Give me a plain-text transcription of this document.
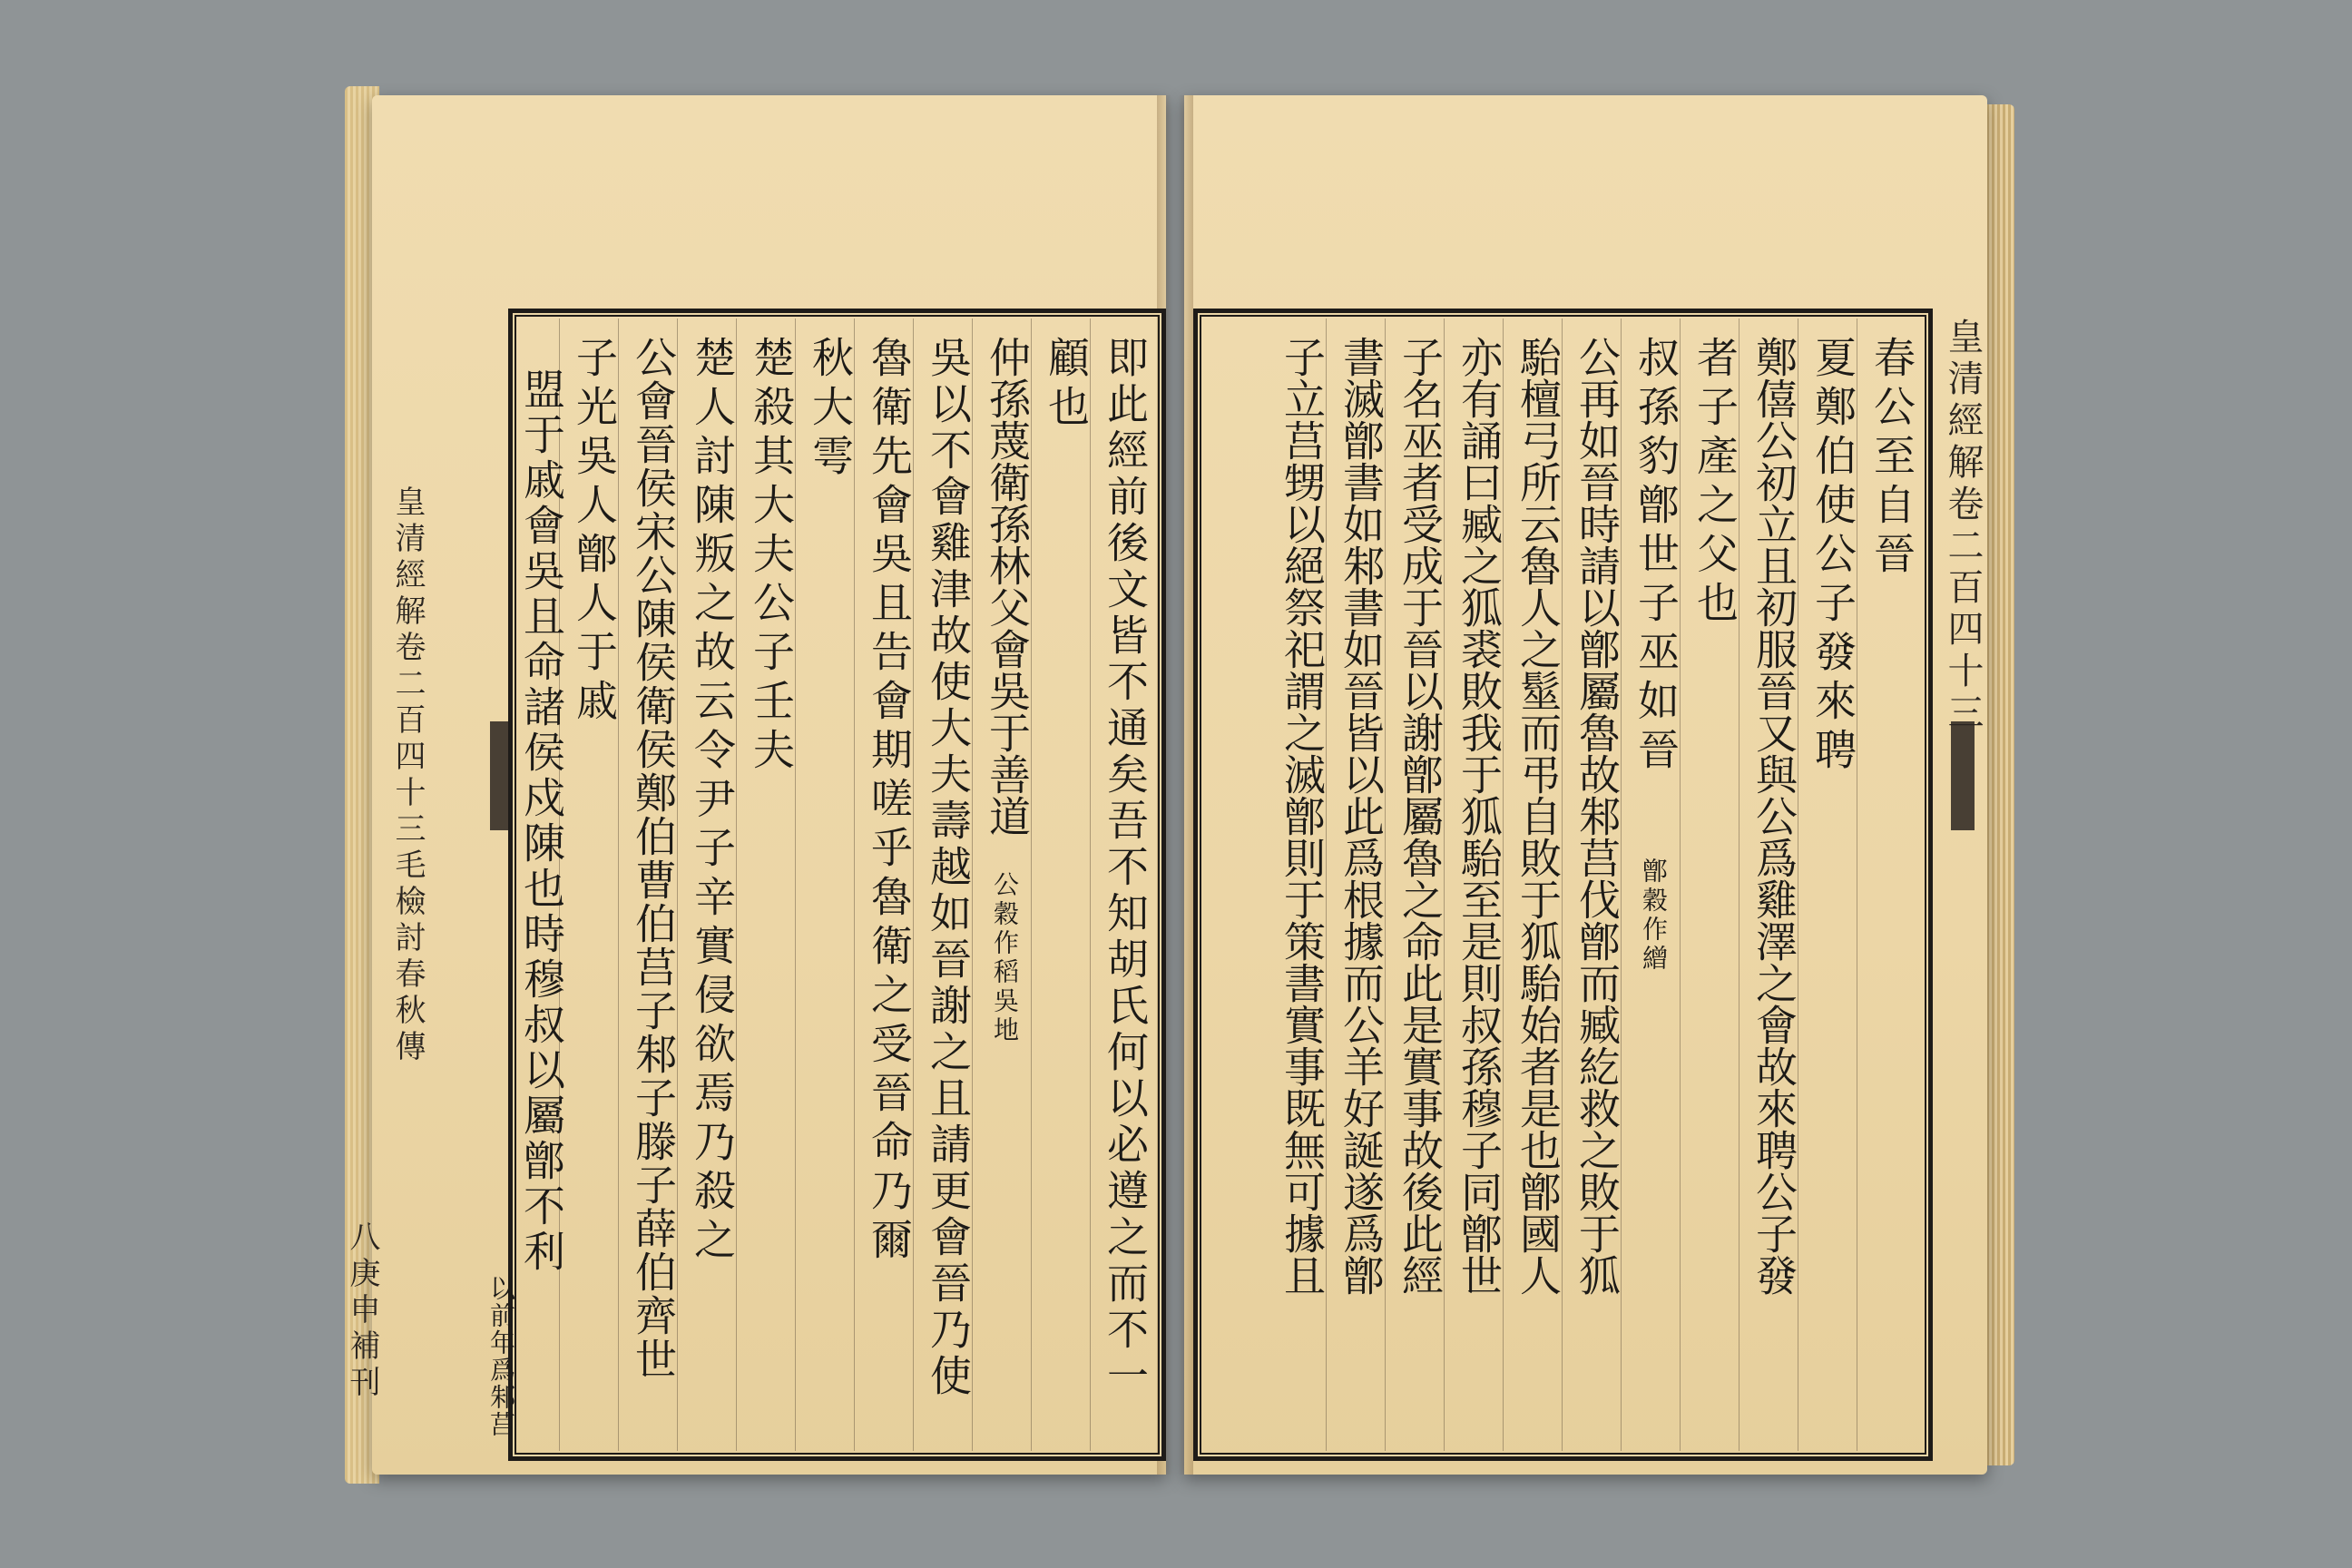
皇清經解卷二百四十三毛檢討春秋傳
八庚申補刊
皇清經解卷二百四十三
即此經前後文皆不通矣吾不知胡氏何以必遵之而不一
顧也
仲孫蔑衛孫林父會吳于善道
公穀作稻吳地
吳以不會雞津故使大夫壽越如晉謝之且請更會晉乃使
魯衛先會吳且告會期嗟乎魯衛之受晉命乃爾
秋大雩
楚殺其大夫公子壬夫
楚人討陳叛之故云令尹子辛實侵欲焉乃殺之
公會晉侯宋公陳侯衛侯鄭伯曹伯莒子邾子滕子薛伯齊世
子光吳人鄫人于戚
盟于戚會吳且命諸侯戍陳也時穆叔以屬鄫不利
以前年爲邾莒
春公至自晉
夏鄭伯使公子發來聘
鄭僖公初立且初服晉又與公爲雞澤之會故來聘公子發
者子產之父也
叔孫豹鄫世子巫如晉
鄫穀作繒
公再如晉時請以鄫屬魯故邾莒伐鄫而臧紇救之敗于狐
駘檀弓所云魯人之髽而弔自敗于狐駘始者是也鄫國人
亦有誦曰臧之狐裘敗我于狐駘至是則叔孫穆子同鄫世
子名巫者受成于晉以謝鄫屬魯之命此是實事故後此經
書滅鄫書如邾書如晉皆以此爲根據而公羊好誕遂爲鄫
子立莒甥以絕祭祀謂之滅鄫則于策書實事既無可據且
